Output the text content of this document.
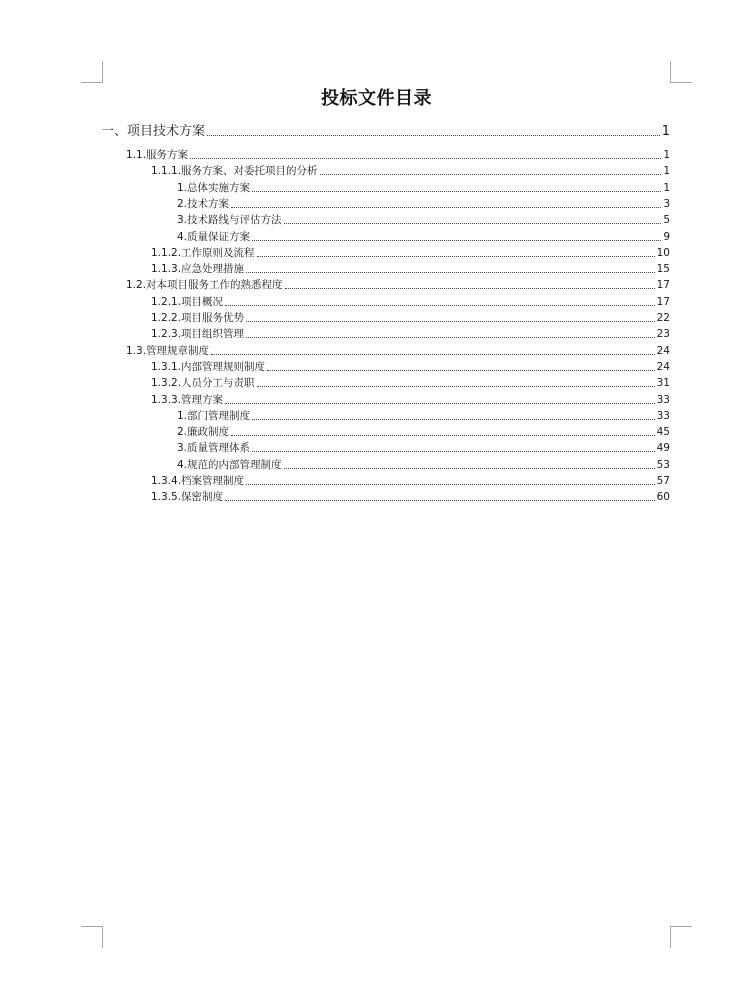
投标文件目录
一、项目技术方案	1
1.1.服务方案	1
1.1.1.服务方案、对委托项目的分析	1
1.总体实施方案	1
2.技术方案	3
3.技术路线与评估方法	5
4.质量保证方案	9
1.1.2.工作原则及流程	10
1.1.3.应急处理措施	15
1.2.对本项目服务工作的熟悉程度	17
1.2.1.项目概况	17
1.2.2.项目服务优势	22
1.2.3.项目组织管理	23
1.3.管理规章制度	24
1.3.1.内部管理规则制度	24
1.3.2.人员分工与责职	31
1.3.3.管理方案	33
1.部门管理制度	33
2.廉政制度	45
3.质量管理体系	49
4.规范的内部管理制度	53
1.3.4.档案管理制度	57
1.3.5.保密制度	60
